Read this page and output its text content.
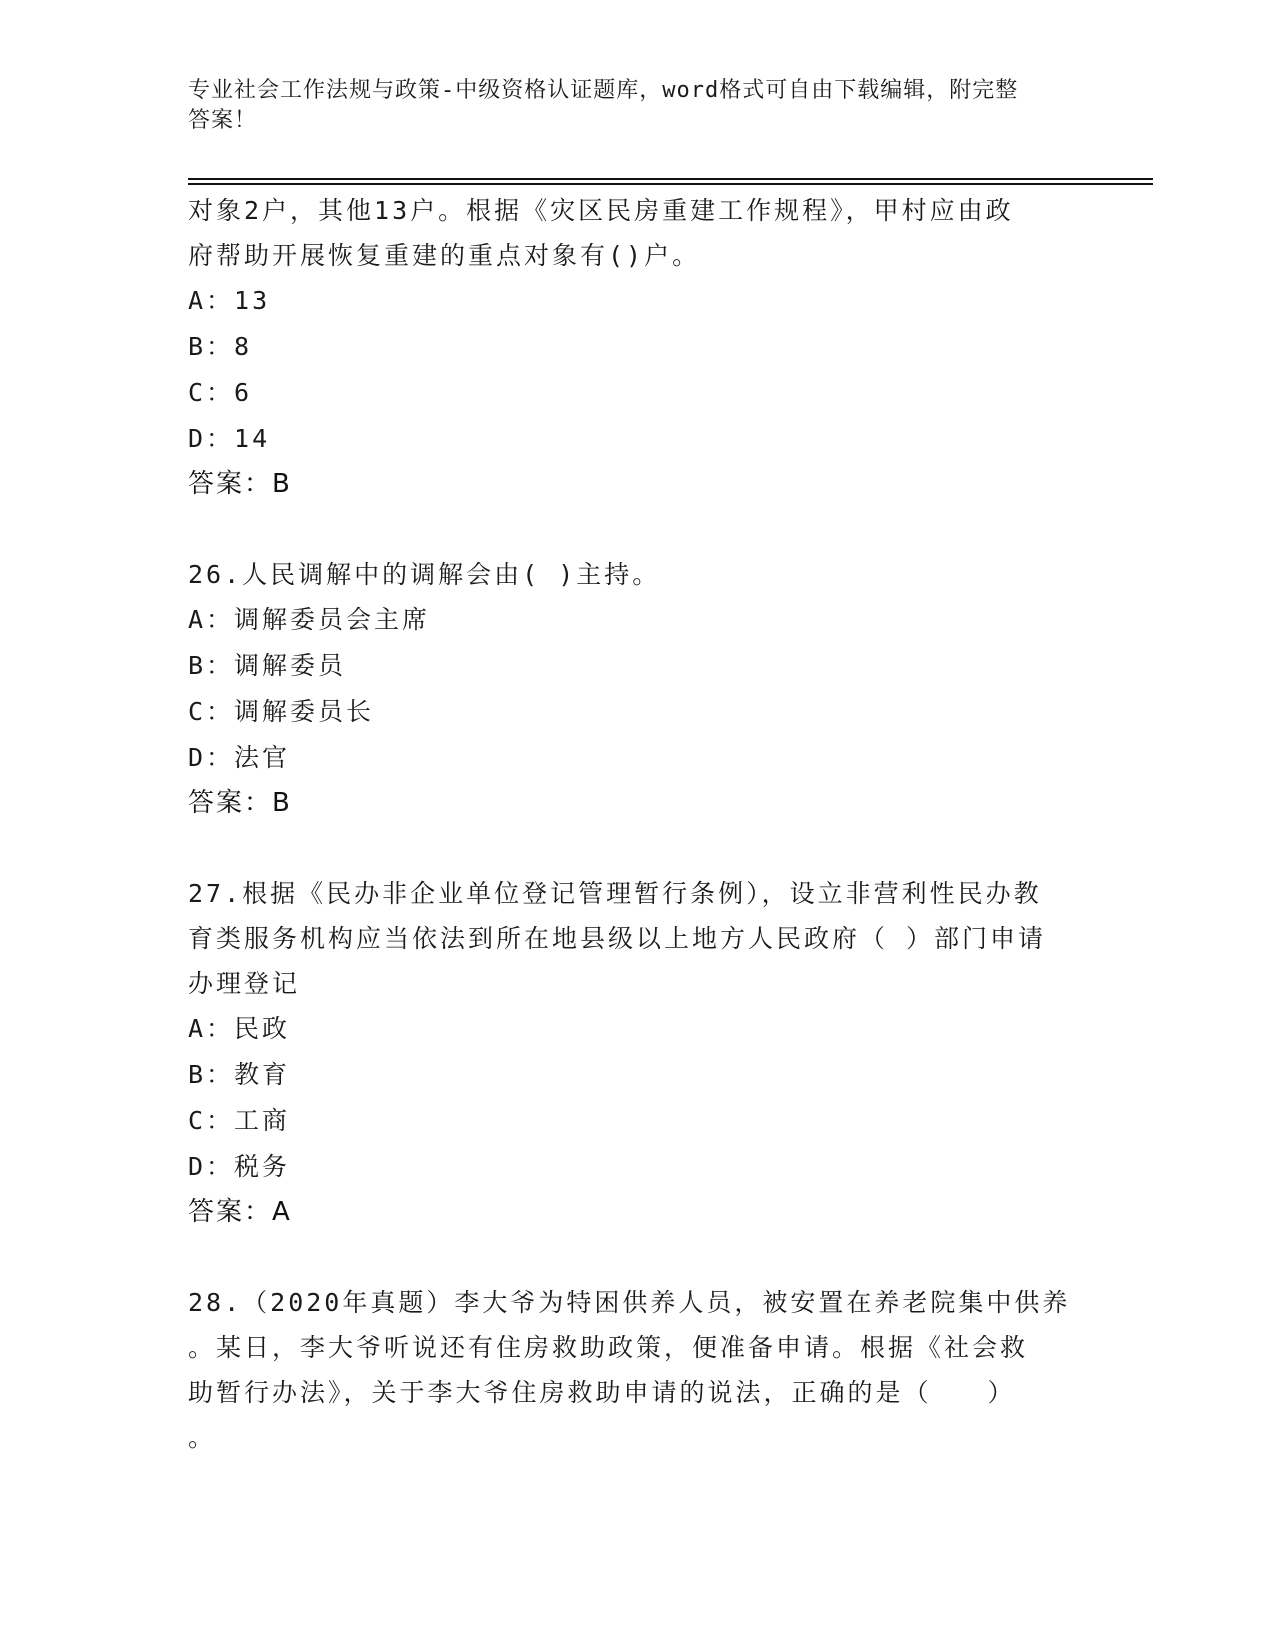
专业社会工作法规与政策-中级资格认证题库，word格式可自由下载编辑，附完整
答案！
对象2户，其他13户。根据《灾区民房重建工作规程》，甲村应由政
府帮助开展恢复重建的重点对象有()户。
A：13
B：8
C：6
D：14
答案：B
26.人民调解中的调解会由( )主持。
A：调解委员会主席
B：调解委员
C：调解委员长
D：法官
答案：B
27.根据《民办非企业单位登记管理暂行条例），设立非营利性民办教
育类服务机构应当依法到所在地县级以上地方人民政府（ ）部门申请
办理登记
A：民政
B：教育
C：工商
D：税务
答案：A
28.（2020年真题）李大爷为特困供养人员，被安置在养老院集中供养
。某日，李大爷听说还有住房救助政策，便准备申请。根据《社会救
助暂行办法》，关于李大爷住房救助申请的说法，正确的是（　　）
。
